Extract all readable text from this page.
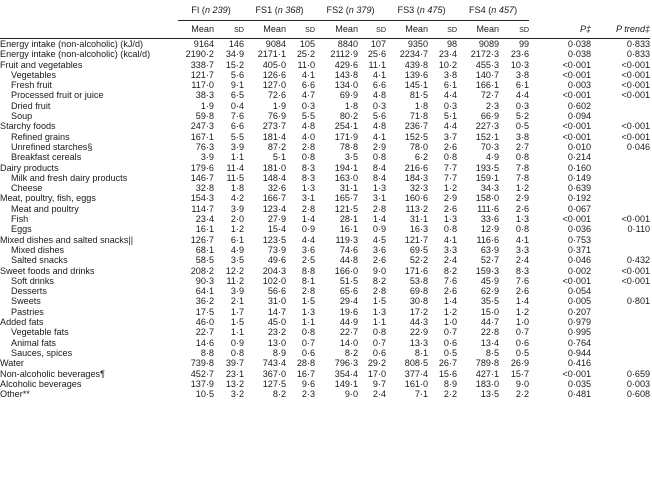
	FI (n 239)		FS1 (n 368)		FS2 (n 379)		FS3 (n 475)		FS4 (n 457)			
	Mean	SD	Mean	SD	Mean	SD	Mean	SD	Mean	SD	P‡	P trend‡
Energy intake (non-alcoholic) (kJ/d)	9164	146	9084	105	8840	107	9350	98	9089	99	0·038	0·833
Energy intake (non-alcoholic) (kcal/d)	2190·2	34·9	2171·1	25·2	2112·9	25·6	2234·7	23·4	2172·3	23·6	0·038	0·833
Fruit and vegetables	338·7	15·2	405·0	11·0	429·6	11·1	439·8	10·2	455·3	10·3	<0·001	<0·001
Vegetables	121·7	5·6	126·6	4·1	143·8	4·1	139·6	3·8	140·7	3·8	<0·001	<0·001
Fresh fruit	117·0	9·1	127·0	6·6	134·0	6·6	145·1	6·1	166·1	6·1	0·003	<0·001
Processed fruit or juice	38·3	6·5	72·6	4·7	69·9	4·8	81·5	4·4	72·7	4·4	<0·001	<0·001
Dried fruit	1·9	0·4	1·9	0·3	1·8	0·3	1·8	0·3	2·3	0·3	0·602	
Soup	59·8	7·6	76·9	5·5	80·2	5·6	71·8	5·1	66·9	5·2	0·094	
Starchy foods	247·3	6·6	273·7	4·8	254·1	4·8	236·7	4·4	227·3	0·5	<0·001	<0·001
Refined grains	167·1	5·5	181·4	4·0	171·9	4·1	152·5	3·7	152·1	3·8	<0·001	<0·001
Unrefined starches§	76·3	3·9	87·2	2·8	78·8	2·9	78·0	2·6	70·3	2·7	0·010	0·046
Breakfast cereals	3·9	1·1	5·1	0·8	3·5	0·8	6·2	0·8	4·9	0·8	0·214	
Dairy products	179·6	11·4	181·0	8·3	194·1	8·4	216·6	7·7	193·5	7·8	0·160	
Milk and fresh dairy products	146·7	11·5	148·4	8·3	163·0	8·4	184·3	7·7	159·1	7·8	0·149	
Cheese	32·8	1·8	32·6	1·3	31·1	1·3	32·3	1·2	34·3	1·2	0·639	
Meat, poultry, fish, eggs	154·3	4·2	166·7	3·1	165·7	3·1	160·6	2·9	158·0	2·9	0·192	
Meat and poultry	114·7	3·9	123·4	2·8	121·5	2·8	113·2	2·6	111·6	2·6	0·067	
Fish	23·4	2·0	27·9	1·4	28·1	1·4	31·1	1·3	33·6	1·3	<0·001	<0·001
Eggs	16·1	1·2	15·4	0·9	16·1	0·9	16·3	0·8	12·9	0·8	0·036	0·110
Mixed dishes and salted snacks||	126·7	6·1	123·5	4·4	119·3	4·5	121·7	4·1	116·6	4·1	0·753	
Mixed dishes	68·1	4·9	73·9	3·6	74·6	3·6	69·5	3·3	63·9	3·3	0·371	
Salted snacks	58·5	3·5	49·6	2·5	44·8	2·6	52·2	2·4	52·7	2·4	0·046	0·432
Sweet foods and drinks	208·2	12·2	204·3	8·8	166·0	9·0	171·6	8·2	159·3	8·3	0·002	<0·001
Soft drinks	90·3	11·2	102·0	8·1	51·5	8·2	53·8	7·6	45·9	7·6	<0·001	<0·001
Desserts	64·1	3·9	56·6	2·8	65·6	2·8	69·8	2·6	62·9	2·6	0·054	
Sweets	36·2	2·1	31·0	1·5	29·4	1·5	30·8	1·4	35·5	1·4	0·005	0·801
Pastries	17·5	1·7	14·7	1·3	19·6	1·3	17·2	1·2	15·0	1·2	0·207	
Added fats	46·0	1·5	45·0	1·1	44·9	1·1	44·3	1·0	44·7	1·0	0·979	
Vegetable fats	22·7	1·1	23·2	0·8	22·7	0·8	22·9	0·7	22·8	0·7	0·995	
Animal fats	14·6	0·9	13·0	0·7	14·0	0·7	13·3	0·6	13·4	0·6	0·764	
Sauces, spices	8·8	0·8	8·9	0·6	8·2	0·6	8·1	0·5	8·5	0·5	0·944	
Water	739·8	39·7	743·4	28·8	796·3	29·2	808·5	26·7	789·8	26·9	0·416	
Non-alcoholic beverages¶	452·7	23·1	367·0	16·7	354·4	17·0	377·4	15·6	427·1	15·7	<0·001	0·659
Alcoholic beverages	137·9	13·2	127·5	9·6	149·1	9·7	161·0	8·9	183·0	9·0	0·035	0·003
Other**	10·5	3·2	8·2	2·3	9·0	2·4	7·1	2·2	13·5	2·2	0·481	0·608
